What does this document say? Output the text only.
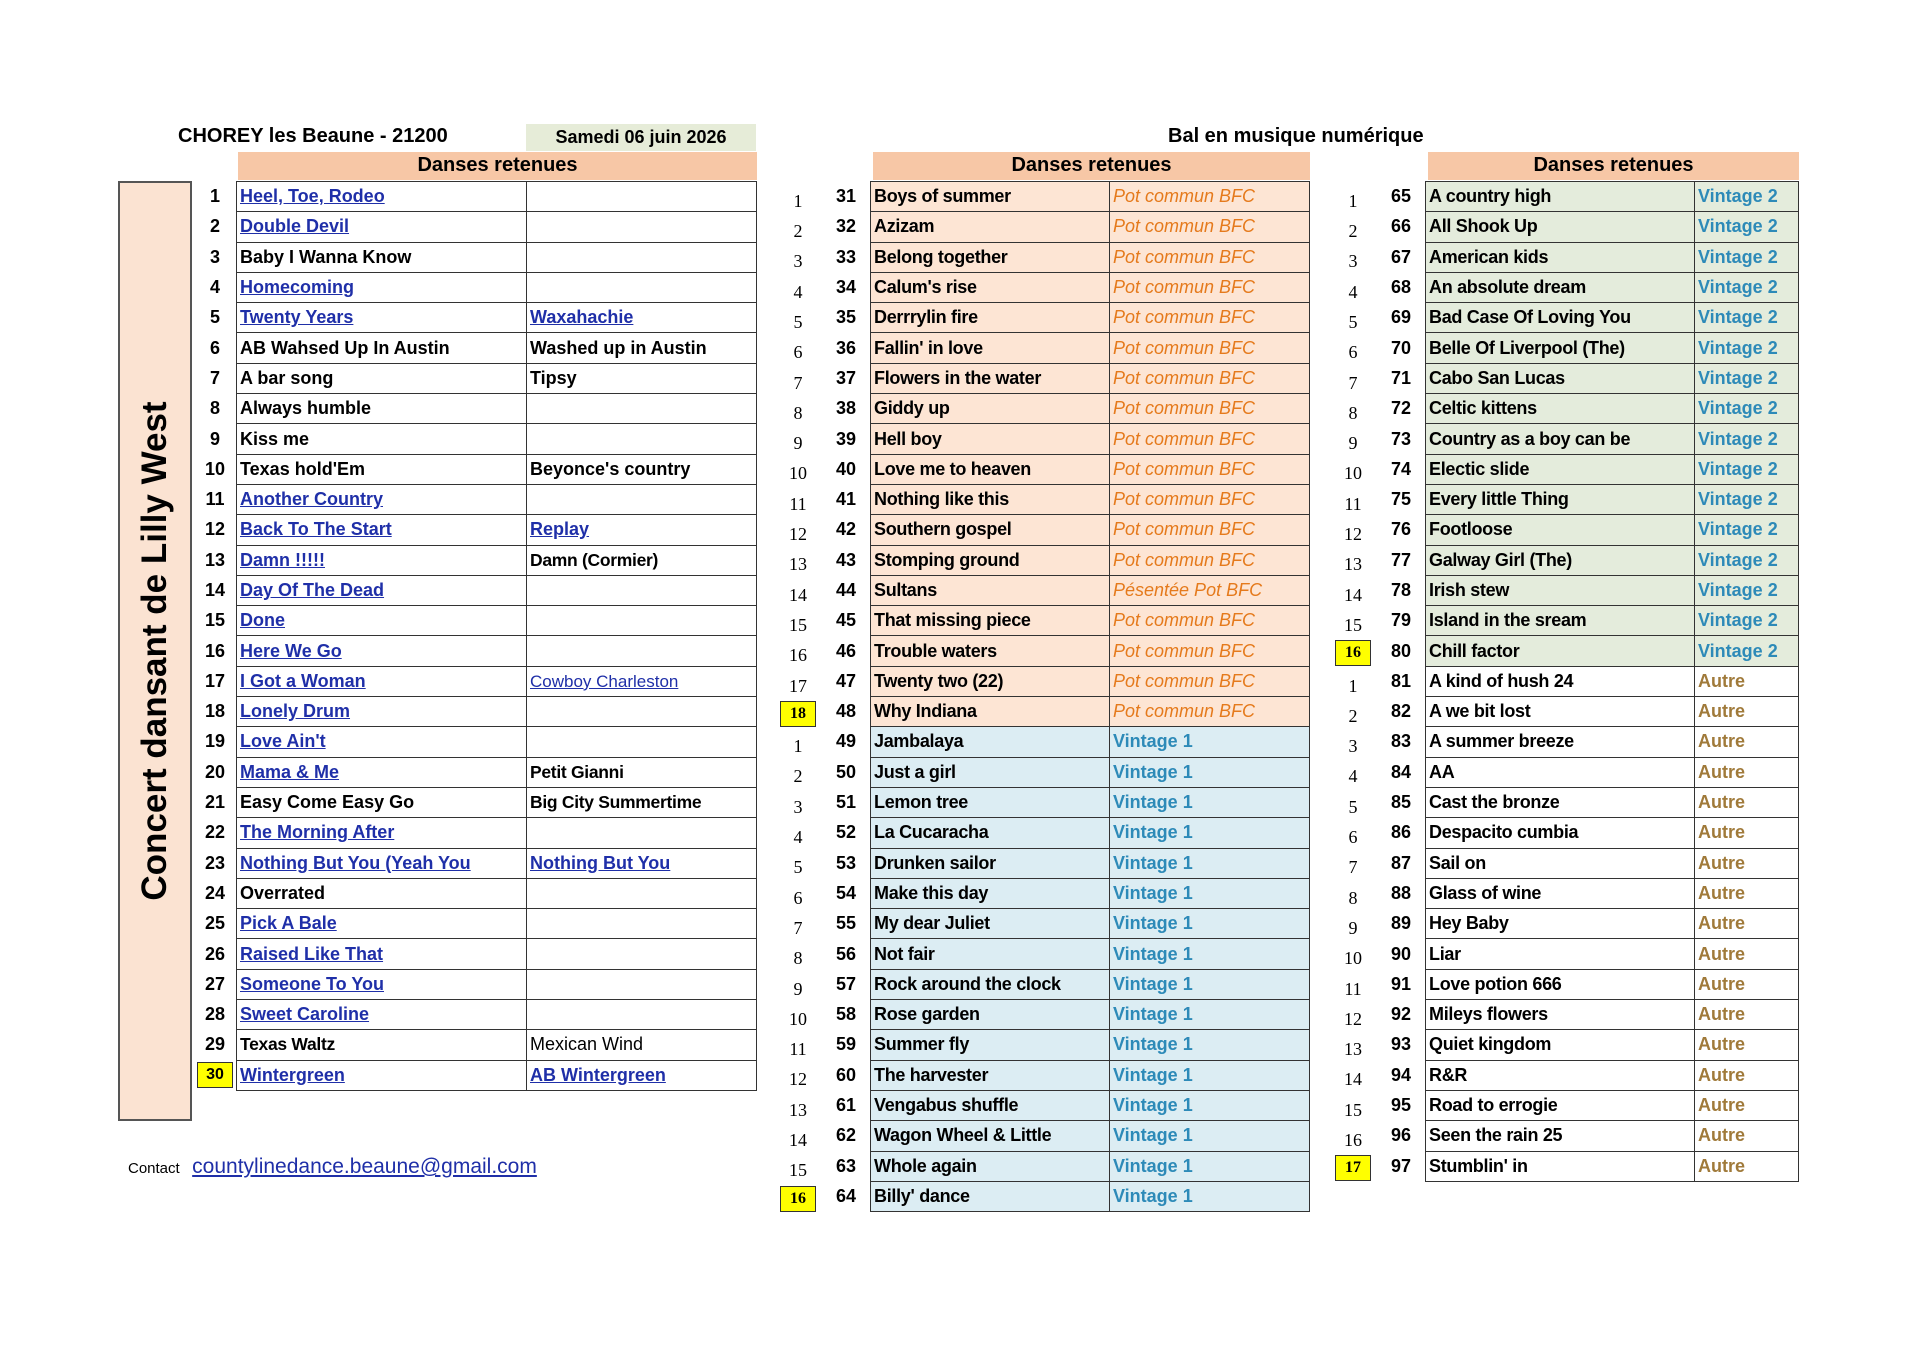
CHOREY les Beaune - 21200	Samedi 06 juin 2026	Bal en musique numérique
Danses retenues	Danses retenues	Danses retenues
Concert dansant de Lilly West
1	Heel, Toe, Rodeo	
2	Double Devil	
3	Baby I Wanna Know	
4	Homecoming	
5	Twenty Years	Waxahachie
6	AB Wahsed Up In Austin	Washed up in Austin
7	A bar song	Tipsy
8	Always humble	
9	Kiss me	
10	Texas hold'Em	Beyonce's country
11	Another Country	
12	Back To The Start	Replay
13	Damn !!!!!	Damn (Cormier)
14	Day Of The Dead	
15	Done	
16	Here We Go	
17	I Got a Woman	Cowboy Charleston
18	Lonely Drum	
19	Love Ain't	
20	Mama & Me	Petit Gianni
21	Easy Come Easy Go	Big City Summertime
22	The Morning After	
23	Nothing But You (Yeah You	Nothing But You
24	Overrated	
25	Pick A Bale	
26	Raised Like That	
27	Someone To You	
28	Sweet Caroline	
29	Texas Waltz	Mexican Wind
30	Wintergreen	AB Wintergreen
1	31	Boys of summer	Pot commun BFC
2	32	Azizam	Pot commun BFC
3	33	Belong together	Pot commun BFC
4	34	Calum's rise	Pot commun BFC
5	35	Derrrylin fire	Pot commun BFC
6	36	Fallin' in love	Pot commun BFC
7	37	Flowers in the water	Pot commun BFC
8	38	Giddy up	Pot commun BFC
9	39	Hell boy	Pot commun BFC
10	40	Love me to heaven	Pot commun BFC
11	41	Nothing like this	Pot commun BFC
12	42	Southern gospel	Pot commun BFC
13	43	Stomping ground	Pot commun BFC
14	44	Sultans	Pésentée Pot BFC
15	45	That missing piece	Pot commun BFC
16	46	Trouble waters	Pot commun BFC
17	47	Twenty two (22)	Pot commun BFC
18	48	Why Indiana	Pot commun BFC
1	49	Jambalaya	Vintage 1
2	50	Just a girl	Vintage 1
3	51	Lemon tree	Vintage 1
4	52	La Cucaracha	Vintage 1
5	53	Drunken sailor	Vintage 1
6	54	Make this day	Vintage 1
7	55	My dear Juliet	Vintage 1
8	56	Not fair	Vintage 1
9	57	Rock around the clock	Vintage 1
10	58	Rose garden	Vintage 1
11	59	Summer fly	Vintage 1
12	60	The harvester	Vintage 1
13	61	Vengabus shuffle	Vintage 1
14	62	Wagon Wheel & Little	Vintage 1
15	63	Whole again	Vintage 1
16	64	Billy' dance	Vintage 1
1	65	A country high	Vintage 2
2	66	All Shook Up	Vintage 2
3	67	American kids	Vintage 2
4	68	An absolute dream	Vintage 2
5	69	Bad Case Of Loving You	Vintage 2
6	70	Belle Of Liverpool (The)	Vintage 2
7	71	Cabo San Lucas	Vintage 2
8	72	Celtic kittens	Vintage 2
9	73	Country as a boy can be	Vintage 2
10	74	Electic slide	Vintage 2
11	75	Every little Thing	Vintage 2
12	76	Footloose	Vintage 2
13	77	Galway Girl (The)	Vintage 2
14	78	Irish stew	Vintage 2
15	79	Island in the sream	Vintage 2
16	80	Chill factor	Vintage 2
1	81	A kind of hush 24	Autre
2	82	A we bit lost	Autre
3	83	A summer breeze	Autre
4	84	AA	Autre
5	85	Cast the bronze	Autre
6	86	Despacito cumbia	Autre
7	87	Sail on	Autre
8	88	Glass of wine	Autre
9	89	Hey Baby	Autre
10	90	Liar	Autre
11	91	Love potion 666	Autre
12	92	Mileys flowers	Autre
13	93	Quiet kingdom	Autre
14	94	R&R	Autre
15	95	Road to errogie	Autre
16	96	Seen the rain 25	Autre
17	97	Stumblin' in	Autre
Contact countylinedance.beaune@gmail.com
